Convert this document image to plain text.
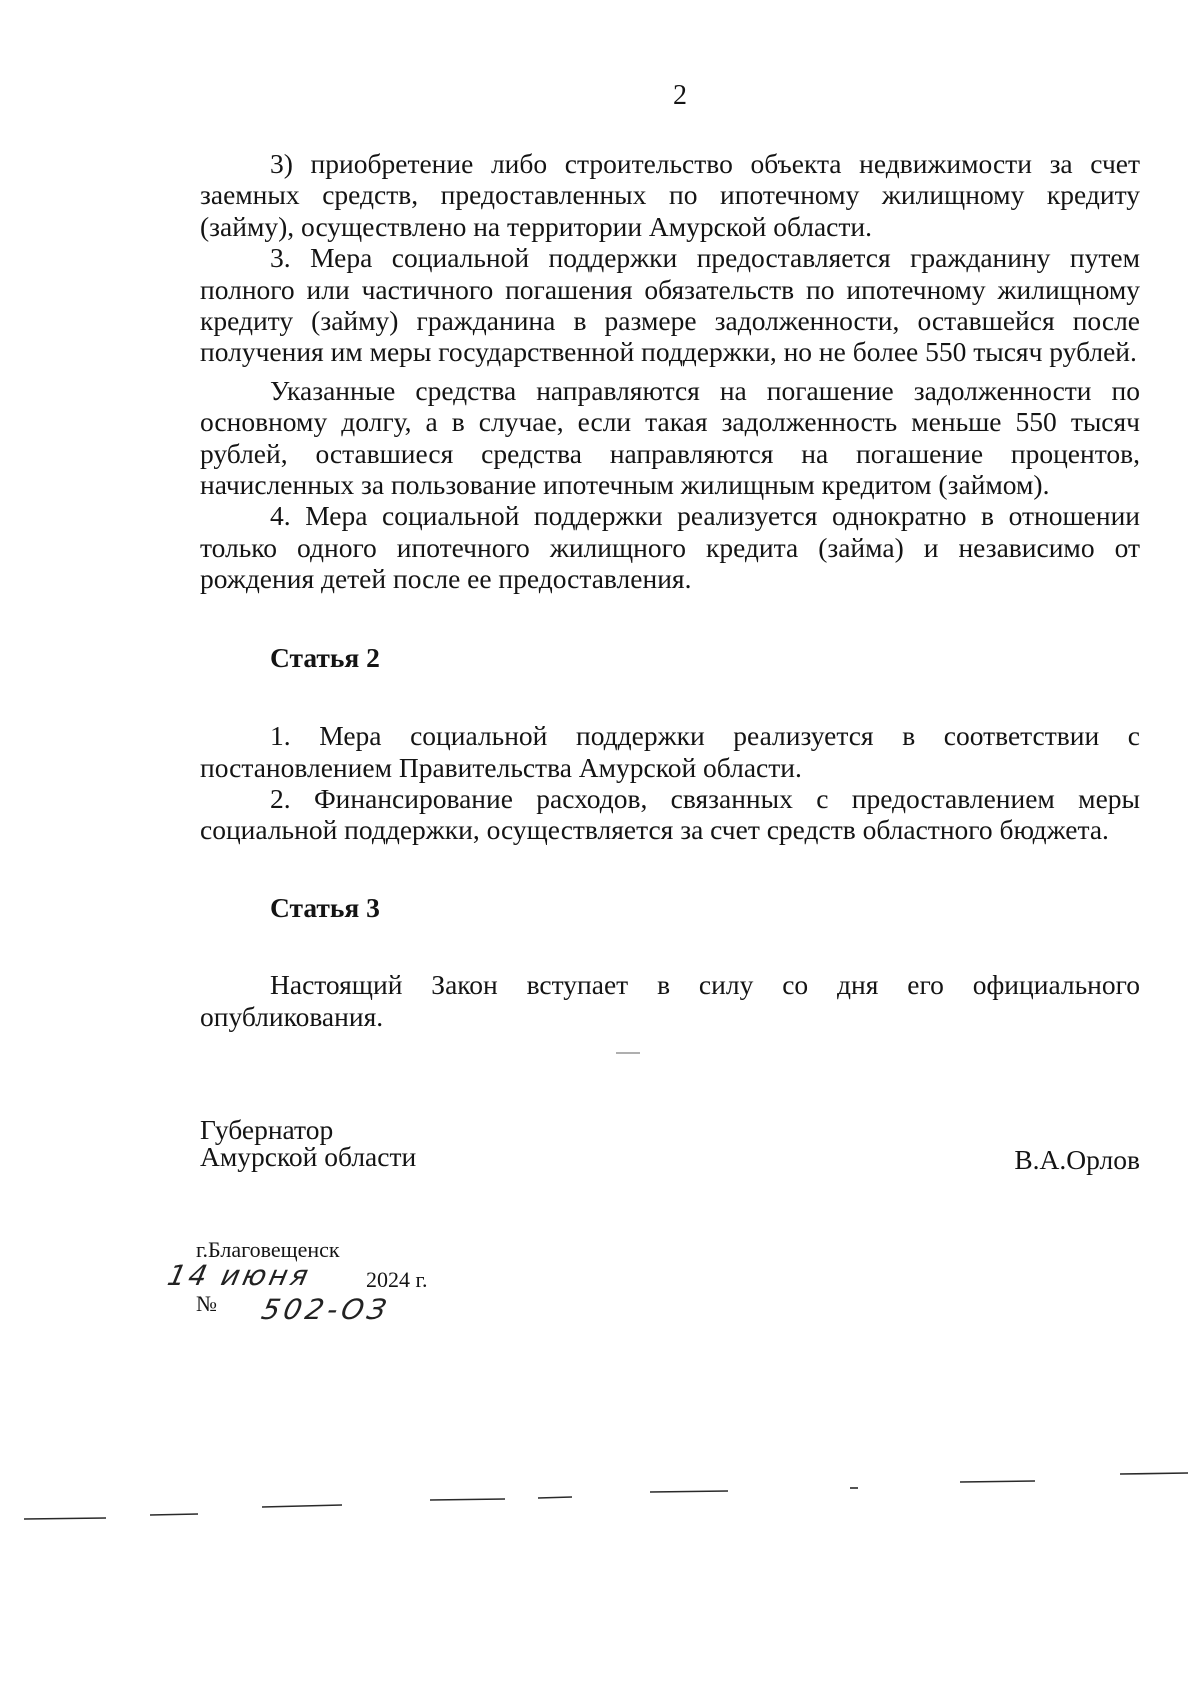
2

3) приобретение либо строительство объекта недвижимости за счет заемных средств, предоставленных по ипотечному жилищному кредиту (займу), осуществлено на территории Амурской области.

3. Мера социальной поддержки предоставляется гражданину путем полного или частичного погашения обязательств по ипотечному жилищному кредиту (займу) гражданина в размере задолженности, оставшейся после получения им меры государственной поддержки, но не более 550 тысяч рублей.

Указанные средства направляются на погашение задолженности по основному долгу, а в случае, если такая задолженность меньше 550 тысяч рублей, оставшиеся средства направляются на погашение процентов, начисленных за пользование ипотечным жилищным кредитом (займом).

4. Мера социальной поддержки реализуется однократно в отношении только одного ипотечного жилищного кредита (займа) и независимо от рождения детей после ее предоставления.

Статья 2

1. Мера социальной поддержки реализуется в соответствии с постановлением Правительства Амурской области.

2. Финансирование расходов, связанных с предоставлением меры социальной поддержки, осуществляется за счет средств областного бюджета.

Статья 3

Настоящий Закон вступает в силу со дня его официального опубликования.

Губернатор

Амурской области	В.А.Орлов

г.Благовещенск

14 июня 2024 г.
№ 502-ОЗ
